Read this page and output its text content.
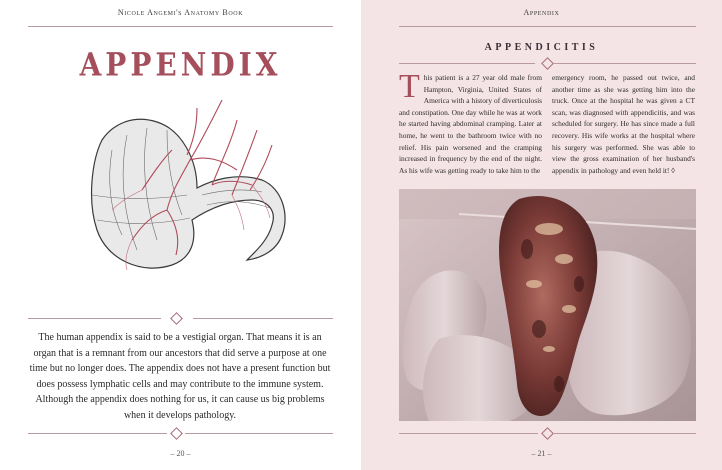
Nicole Angemi's Anatomy Book
APPENDIX
The human appendix is said to be a vestigial organ. That means it is an organ that is a remnant from our ancestors that did serve a purpose at one time but no longer does. The appendix does not have a present function but does possess lymphatic cells and may contribute to the immune system. Although the appendix does nothing for us, it can cause us big problems when it develops pathology.
– 20 –
Appendix
APPENDICITIS
This patient is a 27 year old male from Hampton, Virginia, United States of America with a history of diverticulosis and constipation. One day while he was at work he started having abdominal cramping. Later at home, he went to the bathroom twice with no relief. His pain worsened and the cramping increased in frequency by the end of the night. As his wife was getting ready to take him to the
emergency room, he passed out twice, and another time as she was getting him into the truck. Once at the hospital he was given a CT scan, was diagnosed with appendicitis, and was scheduled for surgery. He has since made a full recovery. His wife works at the hospital where his surgery was performed. She was able to view the gross examination of her husband's appendix in pathology and even held it! ◊
– 21 –
